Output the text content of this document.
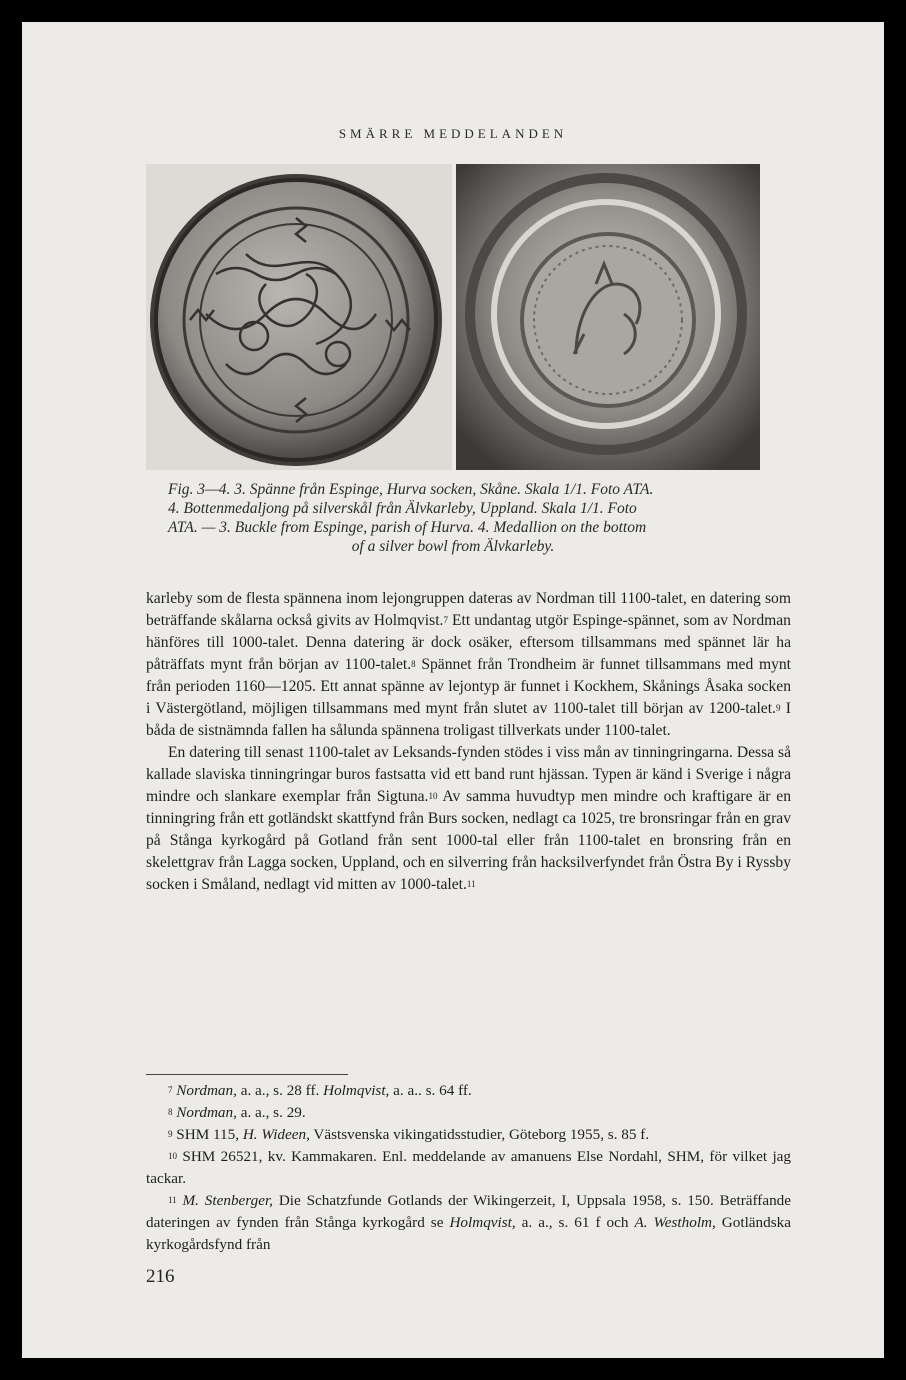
SMÄRRE MEDDELANDEN
Fig. 3—4. 3. Spänne från Espinge, Hurva socken, Skåne. Skala 1/1. Foto ATA.
4. Bottenmedaljong på silverskål från Älvkarleby, Uppland. Skala 1/1. Foto
ATA. — 3. Buckle from Espinge, parish of Hurva. 4. Medallion on the bottom
of a silver bowl from Älvkarleby.

karleby som de flesta spännena inom lejongruppen dateras av Nordman till 1100-talet, en datering som beträffande skålarna också givits av Holmqvist.$^7$ Ett undantag utgör Espinge-spännet, som av Nordman hänföres till 1000-talet. Denna datering är dock osäker, eftersom tillsammans med spännet lär ha påträffats mynt från början av 1100-talet.$^8$ Spännet från Trondheim är funnet tillsammans med mynt från perioden 1160—1205. Ett annat spänne av lejontyp är funnet i Kockhem, Skånings Åsaka socken i Västergötland, möjligen tillsammans med mynt från slutet av 1100-talet till början av 1200-talet.$^9$ I båda de sistnämnda fallen ha sålunda spännena troligast tillverkats under 1100-talet.

En datering till senast 1100-talet av Leksands-fynden stödes i viss mån av tinningringarna. Dessa så kallade slaviska tinningringar buros fastsatta vid ett band runt hjässan. Typen är känd i Sverige i några mindre och slankare exemplar från Sigtuna.$^{10}$ Av samma huvudtyp men mindre och kraftigare är en tinningring från ett gotländskt skattfynd från Burs socken, nedlagt ca 1025, tre bronsringar från en grav på Stånga kyrkogård på Gotland från sent 1000-tal eller från 1100-talet en bronsring från en skelettgrav från Lagga socken, Uppland, och en silverring från hacksilverfyndet från Östra By i Ryssby socken i Småland, nedlagt vid mitten av 1000-talet.$^{11}$

$^7$ Nordman, a. a., s. 28 ff. Holmqvist, a. a.. s. 64 ff.

$^8$ Nordman, a. a., s. 29.

$^9$ SHM 115, H. Wideen, Västsvenska vikingatidsstudier, Göteborg 1955, s. 85 f.

$^{10}$ SHM 26521, kv. Kammakaren. Enl. meddelande av amanuens Else Nordahl, SHM, för vilket jag tackar.

$^{11}$ M. Stenberger, Die Schatzfunde Gotlands der Wikingerzeit, I, Uppsala 1958, s. 150. Beträffande dateringen av fynden från Stånga kyrkogård se Holmqvist, a. a., s. 61 f och A. Westholm, Gotländska kyrkogårdsfynd från

216
